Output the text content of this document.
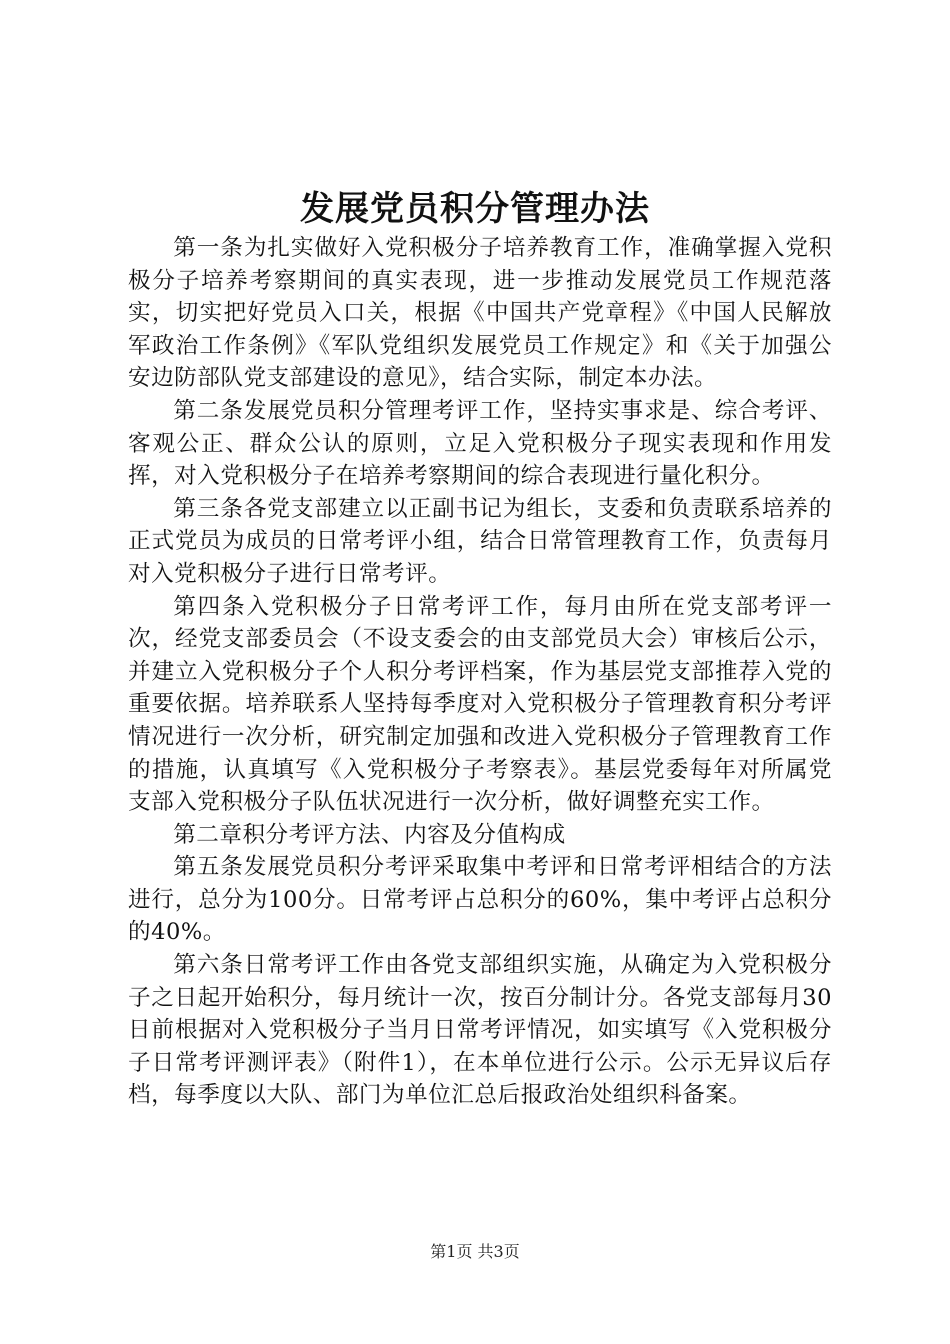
发展党员积分管理办法

第一条为扎实做好入党积极分子培养教育工作，准确掌握入党积极分子培养考察期间的真实表现，进一步推动发展党员工作规范落实，切实把好党员入口关，根据《中国共产党章程》《中国人民解放军政治工作条例》《军队党组织发展党员工作规定》和《关于加强公安边防部队党支部建设的意见》，结合实际，制定本办法。

第二条发展党员积分管理考评工作，坚持实事求是、综合考评、客观公正、群众公认的原则，立足入党积极分子现实表现和作用发挥，对入党积极分子在培养考察期间的综合表现进行量化积分。

第三条各党支部建立以正副书记为组长，支委和负责联系培养的正式党员为成员的日常考评小组，结合日常管理教育工作，负责每月对入党积极分子进行日常考评。

第四条入党积极分子日常考评工作，每月由所在党支部考评一次，经党支部委员会（不设支委会的由支部党员大会）审核后公示，并建立入党积极分子个人积分考评档案，作为基层党支部推荐入党的重要依据。培养联系人坚持每季度对入党积极分子管理教育积分考评情况进行一次分析，研究制定加强和改进入党积极分子管理教育工作的措施，认真填写《入党积极分子考察表》。基层党委每年对所属党支部入党积极分子队伍状况进行一次分析，做好调整充实工作。

第二章积分考评方法、内容及分值构成

第五条发展党员积分考评采取集中考评和日常考评相结合的方法进行，总分为100分。日常考评占总积分的60%，集中考评占总积分的40%。

第六条日常考评工作由各党支部组织实施，从确定为入党积极分子之日起开始积分，每月统计一次，按百分制计分。各党支部每月30日前根据对入党积极分子当月日常考评情况，如实填写《入党积极分子日常考评测评表》（附件1），在本单位进行公示。公示无异议后存档，每季度以大队、部门为单位汇总后报政治处组织科备案。

第1页 共3页
